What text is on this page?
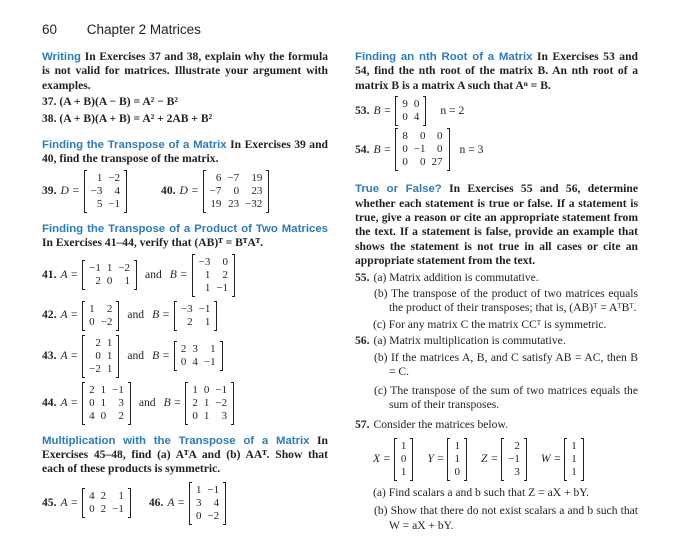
60 Chapter 2 Matrices

Writing In Exercises 37 and 38, explain why the formula is not valid for matrices. Illustrate your argument with examples.

37. (A + B)(A − B) = A² − B²

38. (A + B)(A + B) = A² + 2AB + B²

Finding the Transpose of a Matrix In Exercises 39 and 40, find the transpose of the matrix.

39. D =
1 −2
−3	4
5 −1
40. D =
6 −7	19
−7	0	23
19 23 −32

Finding the Transpose of a Product of Two Matrices In Exercises 41–44, verify that (AB)ᵀ = BᵀAᵀ.

41. A = −1 1 −2
2 0	1
and B =
−3	0
1	2
1 −1
42. A = 1	2
0 −2
and B = −3 −1
2	1
43. A =
2 1
0 1
−2 1
and B = 2 3	1
0 4 −1
44. A =
2 1 −1
0 1	3
4 0	2
and B =
1 0 −1
2 1 −2
0 1	3

Multiplication with the Transpose of a Matrix In Exercises 45–48, find (a) AᵀA and (b) AAᵀ. Show that each of these products is symmetric.

45. A = 4 2	1
0 2 −1
46. A =
1 −1
3	4
0 −2

Finding an nth Root of a Matrix In Exercises 53 and 54, find the nth root of the matrix B. An nth root of a matrix B is a matrix A such that Aⁿ = B.

53. B = 9 0
0 4
n = 2
54. B =
8	0	0
0 −1	0
0	0 27
n = 3

True or False? In Exercises 55 and 56, determine whether each statement is true or false. If a statement is true, give a reason or cite an appropriate statement from the text. If a statement is false, provide an example that shows the statement is not true in all cases or cite an appropriate statement from the text.

55. (a) Matrix addition is commutative.

(b) The transpose of the product of two matrices equals the product of their transposes; that is, (AB)ᵀ = AᵀBᵀ.

(c) For any matrix C the matrix CCᵀ is symmetric.

56. (a) Matrix multiplication is commutative.

(b) If the matrices A, B, and C satisfy AB = AC, then B = C.

(c) The transpose of the sum of two matrices equals the sum of their transposes.

57. Consider the matrices below.

X =
1
0
1
Y =
1
1
0
Z =
2
−1
3
W =
1
1
1

(a) Find scalars a and b such that Z = aX + bY.

(b) Show that there do not exist scalars a and b such that W = aX + bY.
